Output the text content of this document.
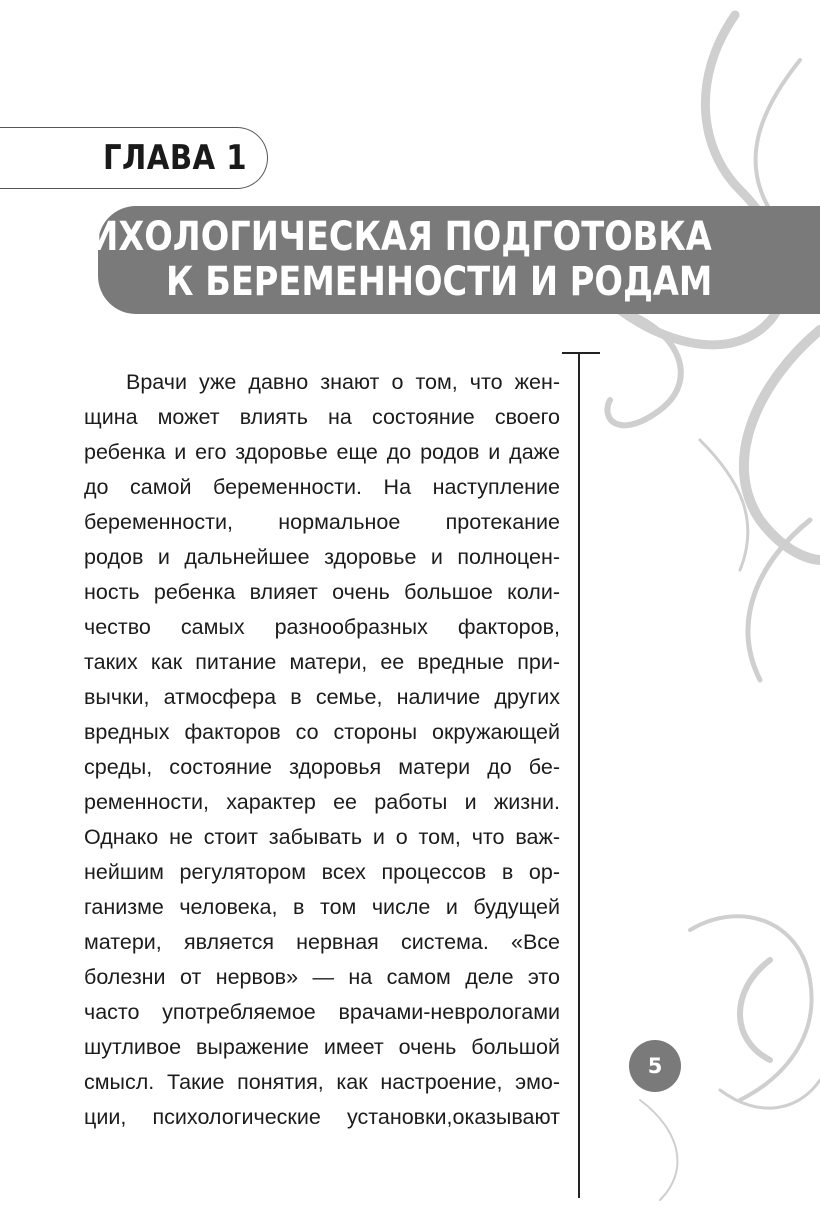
ГЛАВА 1
ПСИХОЛОГИЧЕСКАЯ ПОДГОТОВКА
К БЕРЕМЕННОСТИ И РОДАМ
Врачи уже давно знают о том, что жен-
щина может влиять на состояние своего
ребенка и его здоровье еще до родов и даже
до самой беременности. На наступление
беременности, нормальное протекание
родов и дальнейшее здоровье и полноцен-
ность ребенка влияет очень большое коли-
чество самых разнообразных факторов,
таких как питание матери, ее вредные при-
вычки, атмосфера в семье, наличие других
вредных факторов со стороны окружающей
среды, состояние здоровья матери до бе-
ременности, характер ее работы и жизни.
Однако не стоит забывать и о том, что важ-
нейшим регулятором всех процессов в ор-
ганизме человека, в том числе и будущей
матери, является нервная система. «Все
болезни от нервов» — на самом деле это
часто употребляемое врачами-неврологами
шутливое выражение имеет очень большой
смысл. Такие понятия, как настроение, эмо-
ции, психологические установки,оказывают
5
